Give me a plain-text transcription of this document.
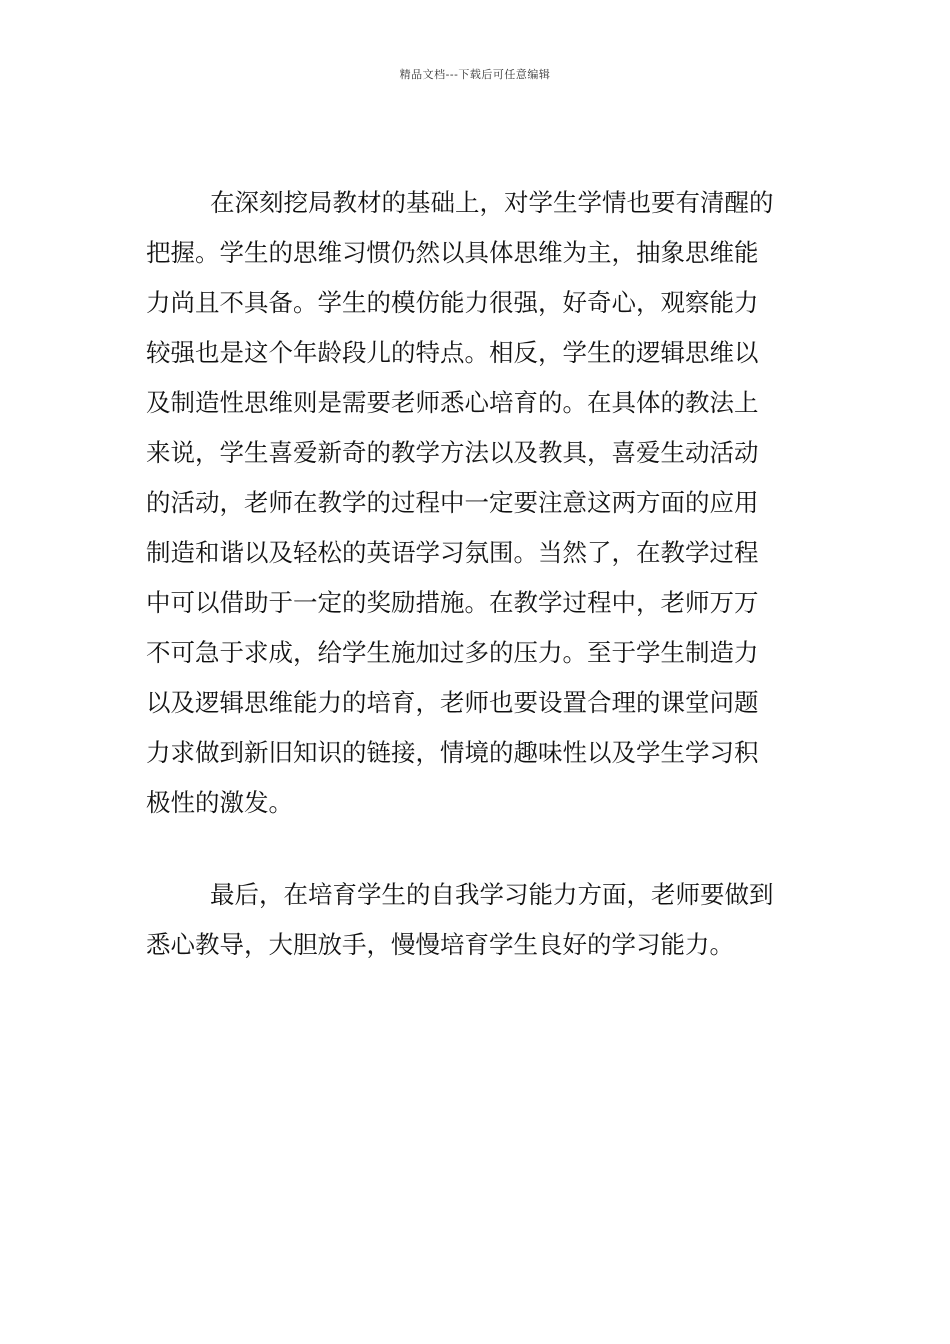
精品文档---下载后可任意编辑
在深刻挖局教材的基础上，对学生学情也要有清醒的
把握。学生的思维习惯仍然以具体思维为主，抽象思维能
力尚且不具备。学生的模仿能力很强，好奇心，观察能力
较强也是这个年龄段儿的特点。相反，学生的逻辑思维以
及制造性思维则是需要老师悉心培育的。在具体的教法上
来说，学生喜爱新奇的教学方法以及教具，喜爱生动活动
的活动，老师在教学的过程中一定要注意这两方面的应用
制造和谐以及轻松的英语学习氛围。当然了，在教学过程
中可以借助于一定的奖励措施。在教学过程中，老师万万
不可急于求成，给学生施加过多的压力。至于学生制造力
以及逻辑思维能力的培育，老师也要设置合理的课堂问题
力求做到新旧知识的链接，情境的趣味性以及学生学习积
极性的激发。
最后，在培育学生的自我学习能力方面，老师要做到
悉心教导，大胆放手，慢慢培育学生良好的学习能力。
